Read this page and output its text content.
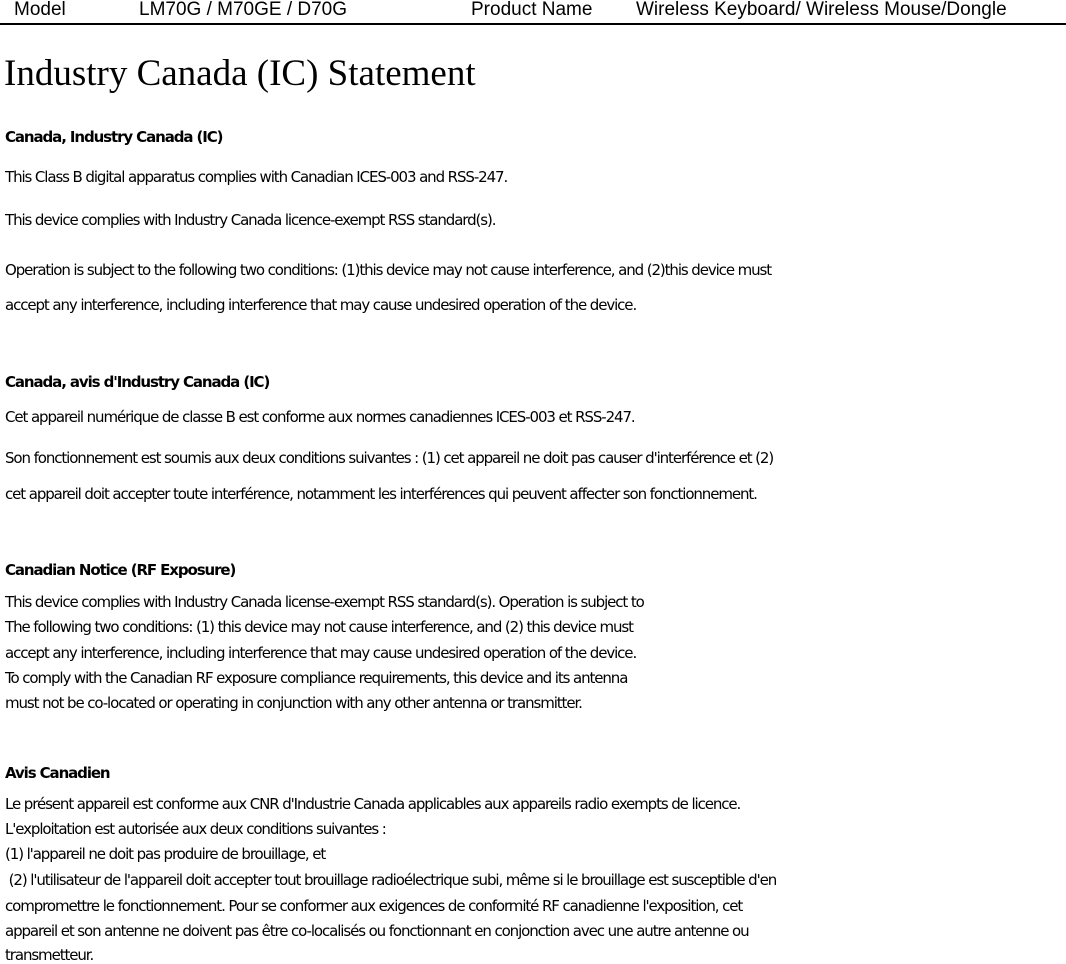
Model	LM70G / M70GE / D70G	Product Name Wireless Keyboard/ Wireless Mouse/Dongle
Industry Canada (IC) Statement
Canada, Industry Canada (IC)
This Class B digital apparatus complies with Canadian ICES-003 and RSS-247.
This device complies with Industry Canada licence-exempt RSS standard(s).
Operation is subject to the following two conditions: (1)this device may not cause interference, and (2)this device must
accept any interference, including interference that may cause undesired operation of the device.
Canada, avis d'Industry Canada (IC)
Cet appareil numérique de classe B est conforme aux normes canadiennes ICES-003 et RSS-247.
Son fonctionnement est soumis aux deux conditions suivantes : (1) cet appareil ne doit pas causer d'interférence et (2)
cet appareil doit accepter toute interférence, notamment les interférences qui peuvent affecter son fonctionnement.
Canadian Notice (RF Exposure)
This device complies with Industry Canada license-exempt RSS standard(s). Operation is subject to
The following two conditions: (1) this device may not cause interference, and (2) this device must
accept any interference, including interference that may cause undesired operation of the device.
To comply with the Canadian RF exposure compliance requirements, this device and its antenna
must not be co-located or operating in conjunction with any other antenna or transmitter.
Avis Canadien
Le présent appareil est conforme aux CNR d'Industrie Canada applicables aux appareils radio exempts de licence.
L'exploitation est autorisée aux deux conditions suivantes :
(1) l'appareil ne doit pas produire de brouillage, et
(2) l'utilisateur de l'appareil doit accepter tout brouillage radioélectrique subi, même si le brouillage est susceptible d'en
compromettre le fonctionnement. Pour se conformer aux exigences de conformité RF canadienne l'exposition, cet
appareil et son antenne ne doivent pas être co-localisés ou fonctionnant en conjonction avec une autre antenne ou
transmetteur.
